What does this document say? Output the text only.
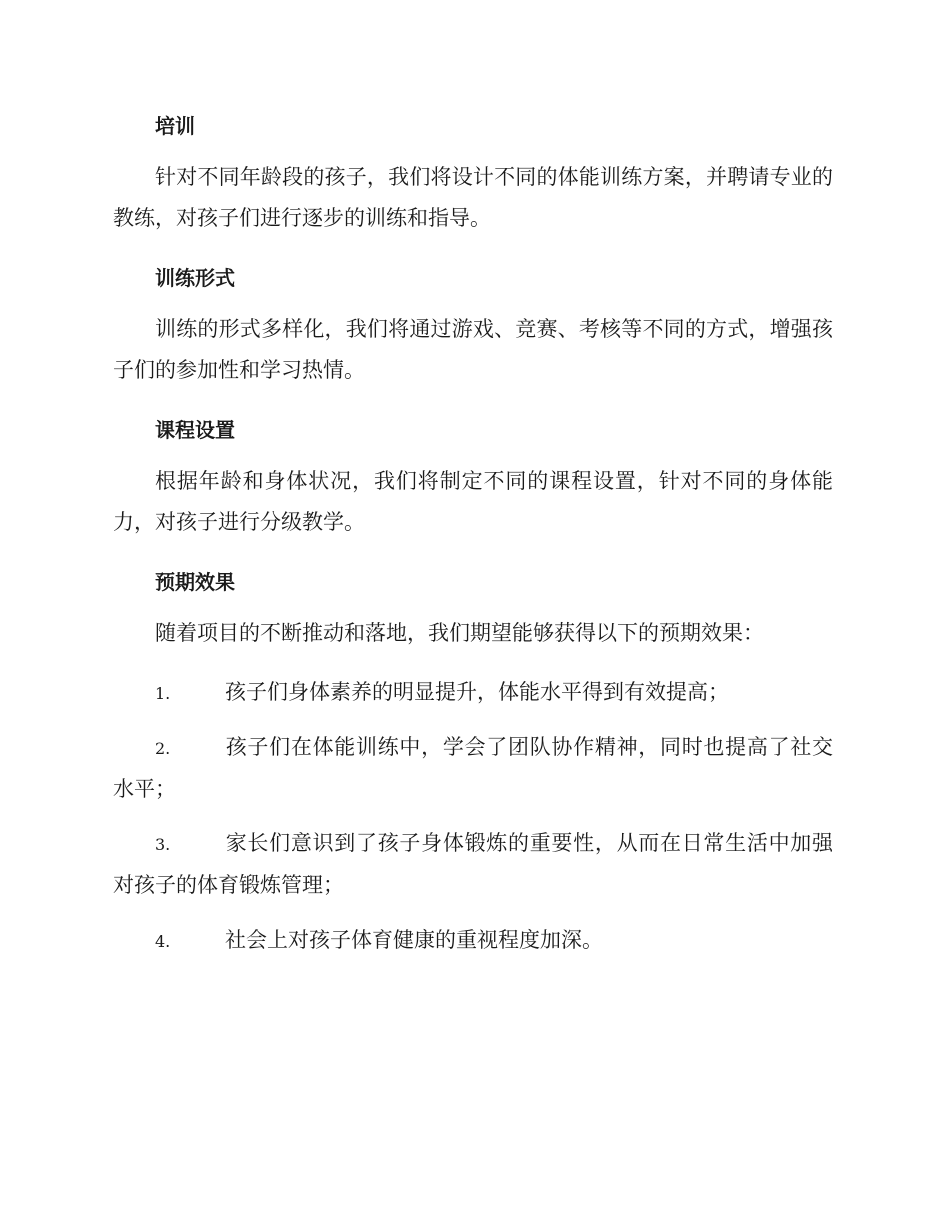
培训

针对不同年龄段的孩子，我们将设计不同的体能训练方案，并聘请专业的教练，对孩子们进行逐步的训练和指导。

训练形式

训练的形式多样化，我们将通过游戏、竞赛、考核等不同的方式，增强孩子们的参加性和学习热情。

课程设置

根据年龄和身体状况，我们将制定不同的课程设置，针对不同的身体能力，对孩子进行分级教学。

预期效果

随着项目的不断推动和落地，我们期望能够获得以下的预期效果：

1.	孩子们身体素养的明显提升，体能水平得到有效提高；

2.	孩子们在体能训练中，学会了团队协作精神，同时也提高了社交水平；

3.	家长们意识到了孩子身体锻炼的重要性，从而在日常生活中加强对孩子的体育锻炼管理；

4.	社会上对孩子体育健康的重视程度加深。
